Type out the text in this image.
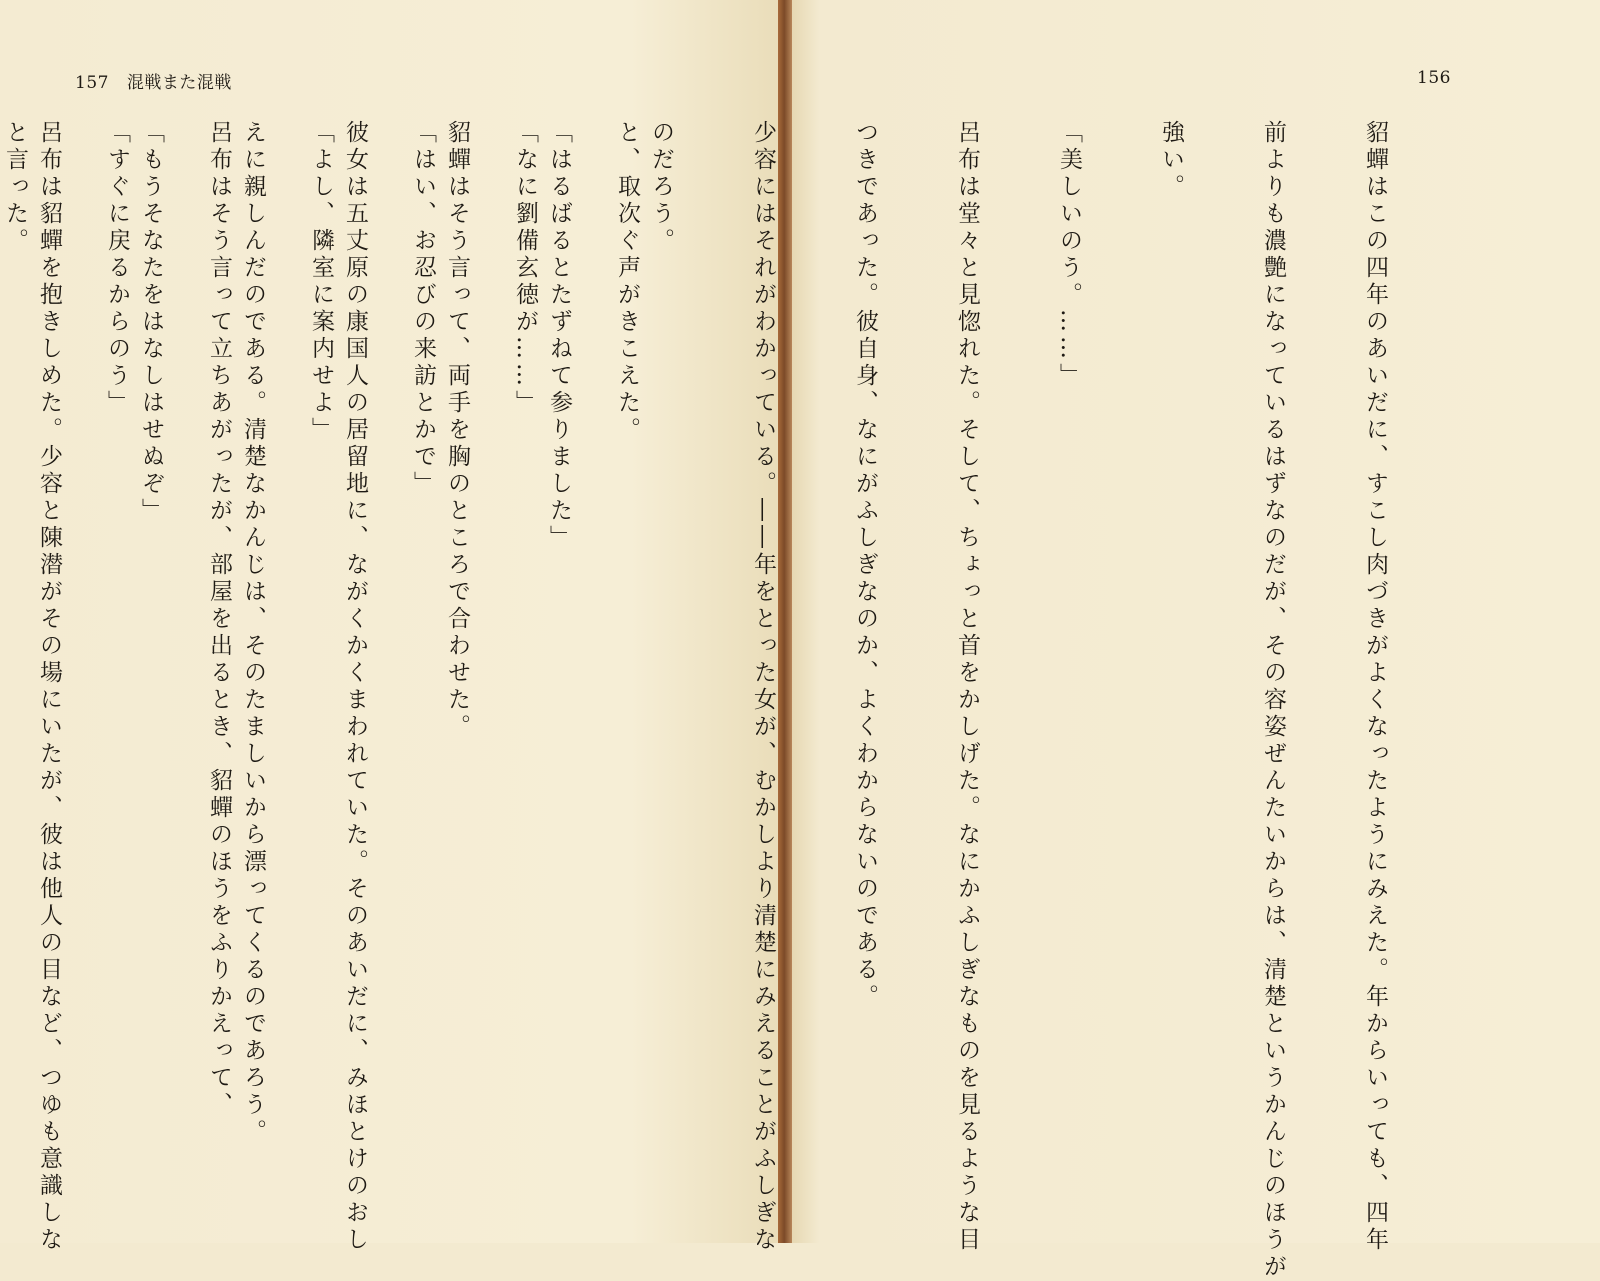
157 混戦また混戦

と、取次ぐ声がきこえた。

「なに劉備玄徳が……」

「はい、お忍びの来訪とかで」

「よし、隣室に案内せよ」

呂布はそう言って立ちあがったが、部屋を出るとき、貂蟬のほうをふりかえって、

「すぐに戻るからのう」

と言った。

156

貂蟬はこの四年のあいだに、すこし肉づきがよくなったようにみえた。年からいっても、四年

前よりも濃艶になっているはずなのだが、その容姿ぜんたいからは、清楚というかんじのほうが

強い。

「美しいのう。……」

呂布は堂々と見惚れた。そして、ちょっと首をかしげた。なにかふしぎなものを見るような目

つきであった。彼自身、なにがふしぎなのか、よくわからないのである。

少容にはそれがわかっている。――年をとった女が、むかしより清楚にみえることがふしぎな

のだろう。

「はるばるとたずねて参りました」

貂蟬はそう言って、両手を胸のところで合わせた。

彼女は五丈原の康国人の居留地に、ながくかくまわれていた。そのあいだに、みほとけのおし

えに親しんだのである。清楚なかんじは、そのたましいから漂ってくるのであろう。

「もうそなたをはなしはせぬぞ」

呂布は貂蟬を抱きしめた。少容と陳潜がその場にいたが、彼は他人の目など、つゆも意識しな
